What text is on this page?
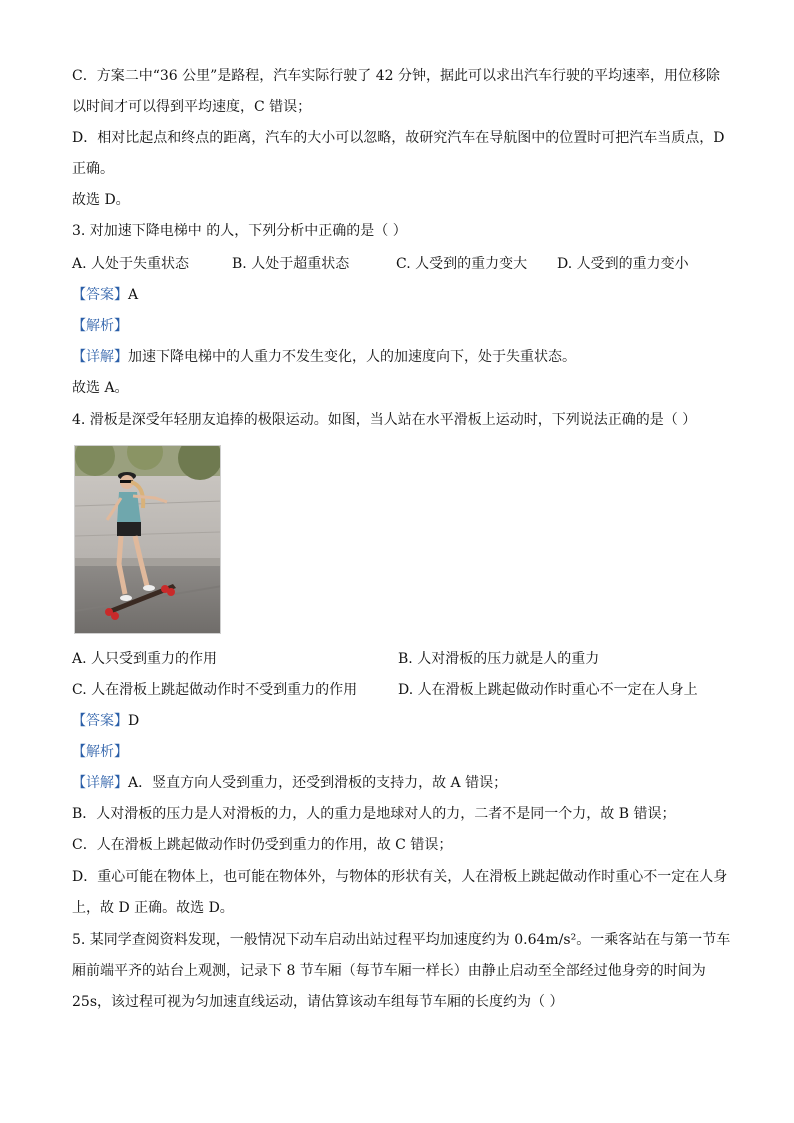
C．方案二中“36 公里”是路程，汽车实际行驶了 42 分钟，据此可以求出汽车行驶的平均速率，用位移除
以时间才可以得到平均速度，C 错误；
D．相对比起点和终点的距离，汽车的大小可以忽略，故研究汽车在导航图中的位置时可把汽车当质点，D
正确。
故选 D。
3. 对加速下降电梯中 的人，下列分析中正确的是（ ）
A. 人处于失重状态	B. 人处于超重状态	C. 人受到的重力变大 D. 人受到的重力变小
【答案】A
【解析】
【详解】加速下降电梯中的人重力不发生变化，人的加速度向下，处于失重状态。
故选 A。
4. 滑板是深受年轻朋友追捧的极限运动。如图，当人站在水平滑板上运动时，下列说法正确的是（ ）
A. 人只受到重力的作用	B. 人对滑板的压力就是人的重力
C. 人在滑板上跳起做动作时不受到重力的作用	D. 人在滑板上跳起做动作时重心不一定在人身上
【答案】D
【解析】
【详解】A．竖直方向人受到重力，还受到滑板的支持力，故 A 错误；
B．人对滑板的压力是人对滑板的力，人的重力是地球对人的力，二者不是同一个力，故 B 错误；
C．人在滑板上跳起做动作时仍受到重力的作用，故 C 错误；
D．重心可能在物体上，也可能在物体外，与物体的形状有关，人在滑板上跳起做动作时重心不一定在人身
上，故 D 正确。故选 D。
5. 某同学查阅资料发现，一般情况下动车启动出站过程平均加速度约为 0.64m/s²。一乘客站在与第一节车
厢前端平齐的站台上观测，记录下 8 节车厢（每节车厢一样长）由静止启动至全部经过他身旁的时间为
25s，该过程可视为匀加速直线运动，请估算该动车组每节车厢的长度约为（ ）
